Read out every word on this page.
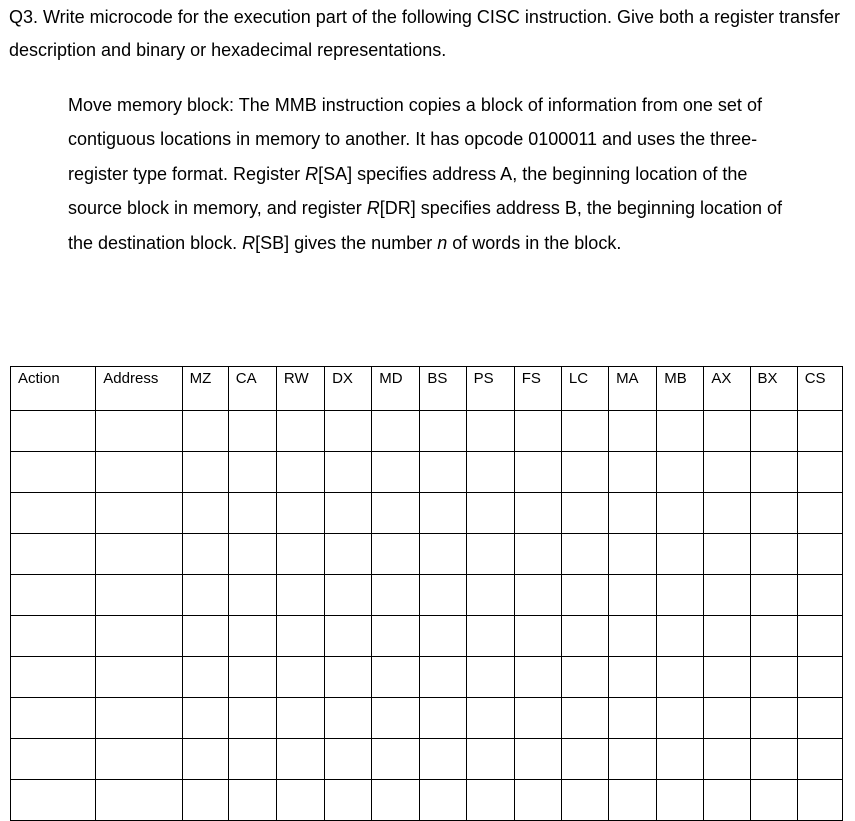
Q3. Write microcode for the execution part of the following CISC instruction. Give both a register transfer description and binary or hexadecimal representations.

Move memory block: The MMB instruction copies a block of information from one set of contiguous locations in memory to another. It has opcode 0100011 and uses the three-register type format. Register R[SA] specifies address A, the beginning location of the source block in memory, and register R[DR] specifies address B, the beginning location of the destination block. R[SB] gives the number n of words in the block.

Action	Address	MZ	CA	RW	DX	MD	BS	PS	FS	LC	MA	MB	AX	BX	CS
